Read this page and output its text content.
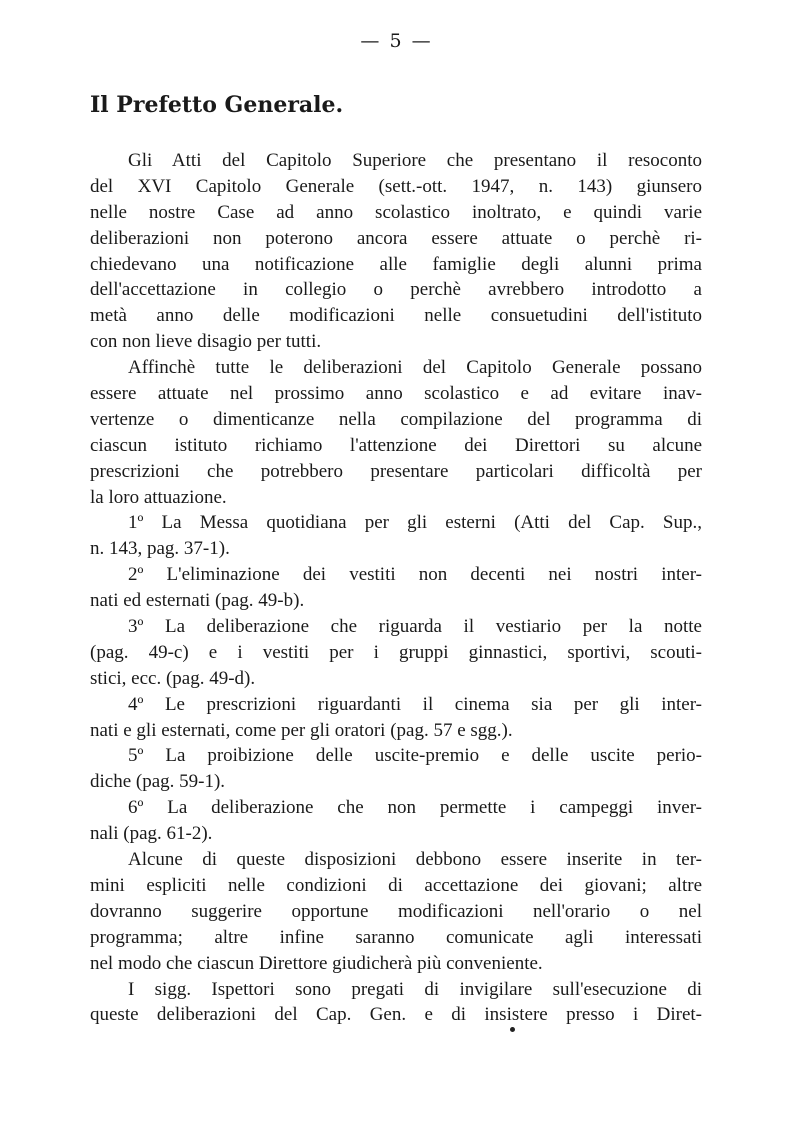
— 5 —
Il Prefetto Generale.
Gli Atti del Capitolo Superiore che presentano il resoconto
del XVI Capitolo Generale (sett.-ott. 1947, n. 143) giunsero
nelle nostre Case ad anno scolastico inoltrato, e quindi varie
deliberazioni non poterono ancora essere attuate o perchè ri-
chiedevano una notificazione alle famiglie degli alunni prima
dell'accettazione in collegio o perchè avrebbero introdotto a
metà anno delle modificazioni nelle consuetudini dell'istituto
con non lieve disagio per tutti.
Affinchè tutte le deliberazioni del Capitolo Generale possano
essere attuate nel prossimo anno scolastico e ad evitare inav-
vertenze o dimenticanze nella compilazione del programma di
ciascun istituto richiamo l'attenzione dei Direttori su alcune
prescrizioni che potrebbero presentare particolari difficoltà per
la loro attuazione.
1º La Messa quotidiana per gli esterni (Atti del Cap. Sup.,
n. 143, pag. 37-1).
2º L'eliminazione dei vestiti non decenti nei nostri inter-
nati ed esternati (pag. 49-b).
3º La deliberazione che riguarda il vestiario per la notte
(pag. 49-c) e i vestiti per i gruppi ginnastici, sportivi, scouti-
stici, ecc. (pag. 49-d).
4º Le prescrizioni riguardanti il cinema sia per gli inter-
nati e gli esternati, come per gli oratori (pag. 57 e sgg.).
5º La proibizione delle uscite-premio e delle uscite perio-
diche (pag. 59-1).
6º La deliberazione che non permette i campeggi inver-
nali (pag. 61-2).
Alcune di queste disposizioni debbono essere inserite in ter-
mini espliciti nelle condizioni di accettazione dei giovani; altre
dovranno suggerire opportune modificazioni nell'orario o nel
programma; altre infine saranno comunicate agli interessati
nel modo che ciascun Direttore giudicherà più conveniente.
I sigg. Ispettori sono pregati di invigilare sull'esecuzione di
queste deliberazioni del Cap. Gen. e di insistere presso i Diret-
